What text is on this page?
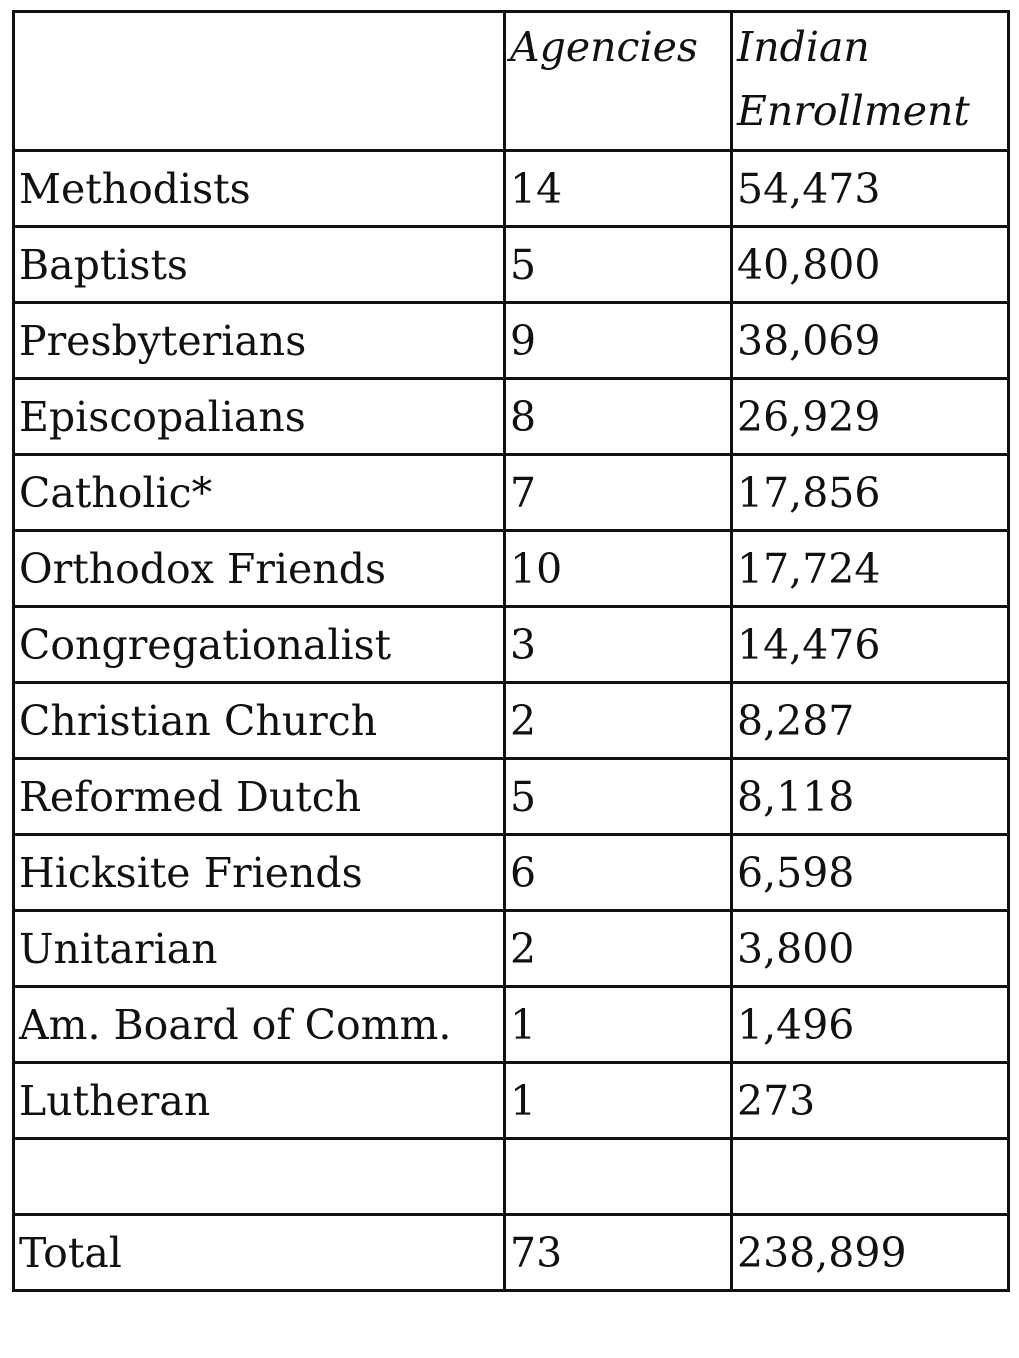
	Agencies	Indian Enrollment
Methodists	14	54,473
Baptists	5	40,800
Presbyterians	9	38,069
Episcopalians	8	26,929
Catholic*	7	17,856
Orthodox Friends	10	17,724
Congregationalist	3	14,476
Christian Church	2	8,287
Reformed Dutch	5	8,118
Hicksite Friends	6	6,598
Unitarian	2	3,800
Am. Board of Comm.	1	1,496
Lutheran	1	273

Total	73	238,899
